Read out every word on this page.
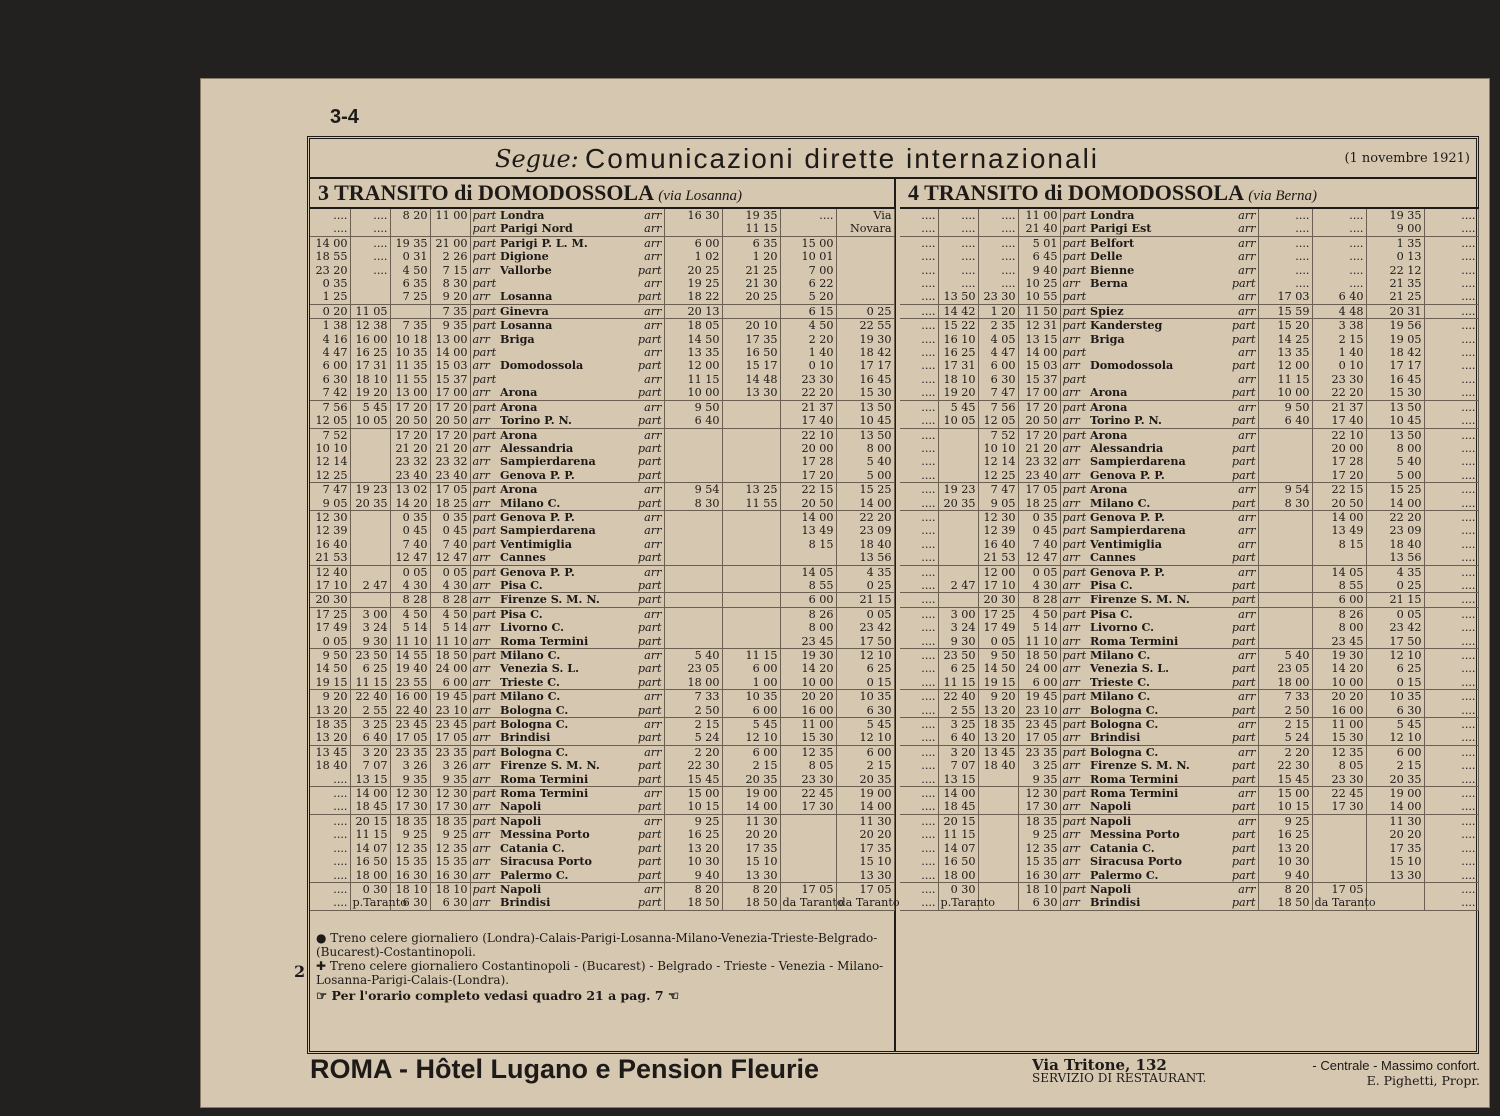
3-4
Segue: Comunicazioni dirette internazionali	(1 novembre 1921)
3 TRANSITO di DOMODOSSOLA (via Losanna)
....	....	8 20	11 00	part	Londra	arr	16 30	19 35	....	Via
....	....			part	Parigi Nord	arr		11 15		Novara
14 00	....	19 35	21 00	part	Parigi P. L. M.	arr	6 00	6 35	15 00	
18 55	....	0 31	2 26	part	Digione	arr	1 02	1 20	10 01	
23 20	....	4 50	7 15	arr	Vallorbe	part	20 25	21 25	7 00	
0 35		6 35	8 30	part		arr	19 25	21 30	6 22	
1 25		7 25	9 20	arr	Losanna	part	18 22	20 25	5 20	
0 20	11 05		7 35	part	Ginevra	arr	20 13		6 15	0 25
1 38	12 38	7 35	9 35	part	Losanna	arr	18 05	20 10	4 50	22 55
4 16	16 00	10 18	13 00	arr	Briga	part	14 50	17 35	2 20	19 30
4 47	16 25	10 35	14 00	part		arr	13 35	16 50	1 40	18 42
6 00	17 31	11 35	15 03	arr	Domodossola	part	12 00	15 17	0 10	17 17
6 30	18 10	11 55	15 37	part		arr	11 15	14 48	23 30	16 45
7 42	19 20	13 00	17 00	arr	Arona	part	10 00	13 30	22 20	15 30
7 56	5 45	17 20	17 20	part	Arona	arr	9 50		21 37	13 50
12 05	10 05	20 50	20 50	arr	Torino P. N.	part	6 40		17 40	10 45
7 52		17 20	17 20	part	Arona	arr			22 10	13 50
10 10		21 20	21 20	arr	Alessandria	part			20 00	8 00
12 14		23 32	23 32	arr	Sampierdarena	part			17 28	5 40
12 25		23 40	23 40	arr	Genova P. P.	part			17 20	5 00
7 47	19 23	13 02	17 05	part	Arona	arr	9 54	13 25	22 15	15 25
9 05	20 35	14 20	18 25	arr	Milano C.	part	8 30	11 55	20 50	14 00
12 30		0 35	0 35	part	Genova P. P.	arr			14 00	22 20
12 39		0 45	0 45	part	Sampierdarena	arr			13 49	23 09
16 40		7 40	7 40	part	Ventimiglia	arr			8 15	18 40
21 53		12 47	12 47	arr	Cannes	part				13 56
12 40		0 05	0 05	part	Genova P. P.	arr			14 05	4 35
17 10	2 47	4 30	4 30	arr	Pisa C.	part			8 55	0 25
20 30		8 28	8 28	arr	Firenze S. M. N.	part			6 00	21 15
17 25	3 00	4 50	4 50	part	Pisa C.	arr			8 26	0 05
17 49	3 24	5 14	5 14	arr	Livorno C.	part			8 00	23 42
0 05	9 30	11 10	11 10	arr	Roma Termini	part			23 45	17 50
9 50	23 50	14 55	18 50	part	Milano C.	arr	5 40	11 15	19 30	12 10
14 50	6 25	19 40	24 00	arr	Venezia S. L.	part	23 05	6 00	14 20	6 25
19 15	11 15	23 55	6 00	arr	Trieste C.	part	18 00	1 00	10 00	0 15
9 20	22 40	16 00	19 45	part	Milano C.	arr	7 33	10 35	20 20	10 35
13 20	2 55	22 40	23 10	arr	Bologna C.	part	2 50	6 00	16 00	6 30
18 35	3 25	23 45	23 45	part	Bologna C.	arr	2 15	5 45	11 00	5 45
13 20	6 40	17 05	17 05	arr	Brindisi	part	5 24	12 10	15 30	12 10
13 45	3 20	23 35	23 35	part	Bologna C.	arr	2 20	6 00	12 35	6 00
18 40	7 07	3 26	3 26	arr	Firenze S. M. N.	part	22 30	2 15	8 05	2 15
....	13 15	9 35	9 35	arr	Roma Termini	part	15 45	20 35	23 30	20 35
....	14 00	12 30	12 30	part	Roma Termini	arr	15 00	19 00	22 45	19 00
....	18 45	17 30	17 30	arr	Napoli	part	10 15	14 00	17 30	14 00
....	20 15	18 35	18 35	part	Napoli	arr	9 25	11 30		11 30
....	11 15	9 25	9 25	arr	Messina Porto	part	16 25	20 20		20 20
....	14 07	12 35	12 35	arr	Catania C.	part	13 20	17 35		17 35
....	16 50	15 35	15 35	arr	Siracusa Porto	part	10 30	15 10		15 10
....	18 00	16 30	16 30	arr	Palermo C.	part	9 40	13 30		13 30
....	0 30	18 10	18 10	part	Napoli	arr	8 20	8 20	17 05	17 05
....	p.Taranto	6 30	6 30	arr	Brindisi	part	18 50	18 50	da Taranto	da Taranto
● Treno celere giornaliero (Londra)-Calais-Parigi-Losanna-Milano-Venezia-Trieste-Belgrado-(Bucarest)-Costantinopoli.
✚ Treno celere giornaliero Costantinopoli - (Bucarest) - Belgrado - Trieste - Venezia - Milano-Losanna-Parigi-Calais-(Londra).
☞ Per l'orario completo vedasi quadro 21 a pag. 7 ☜
4 TRANSITO di DOMODOSSOLA (via Berna)
....	....	....	11 00	part	Londra	arr	....	....	19 35	....
....	....	....	21 40	part	Parigi Est	arr	....	....	9 00	....
....	....	....	5 01	part	Belfort	arr	....	....	1 35	....
....	....	....	6 45	part	Delle	arr	....	....	0 13	....
....	....	....	9 40	part	Bienne	arr	....	....	22 12	....
....	....	....	10 25	arr	Berna	part	....	....	21 35	....
....	13 50	23 30	10 55	part		arr	17 03	6 40	21 25	....
....	14 42	1 20	11 50	part	Spiez	arr	15 59	4 48	20 31	....
....	15 22	2 35	12 31	part	Kandersteg	part	15 20	3 38	19 56	....
....	16 10	4 05	13 15	arr	Briga	part	14 25	2 15	19 05	....
....	16 25	4 47	14 00	part		arr	13 35	1 40	18 42	....
....	17 31	6 00	15 03	arr	Domodossola	part	12 00	0 10	17 17	....
....	18 10	6 30	15 37	part		arr	11 15	23 30	16 45	....
....	19 20	7 47	17 00	arr	Arona	part	10 00	22 20	15 30	....
....	5 45	7 56	17 20	part	Arona	arr	9 50	21 37	13 50	....
....	10 05	12 05	20 50	arr	Torino P. N.	part	6 40	17 40	10 45	....
....		7 52	17 20	part	Arona	arr		22 10	13 50	....
....		10 10	21 20	arr	Alessandria	part		20 00	8 00	....
....		12 14	23 32	arr	Sampierdarena	part		17 28	5 40	....
....		12 25	23 40	arr	Genova P. P.	part		17 20	5 00	....
....	19 23	7 47	17 05	part	Arona	arr	9 54	22 15	15 25	....
....	20 35	9 05	18 25	arr	Milano C.	part	8 30	20 50	14 00	....
....		12 30	0 35	part	Genova P. P.	arr		14 00	22 20	....
....		12 39	0 45	part	Sampierdarena	arr		13 49	23 09	....
....		16 40	7 40	part	Ventimiglia	arr		8 15	18 40	....
....		21 53	12 47	arr	Cannes	part			13 56	....
....		12 00	0 05	part	Genova P. P.	arr		14 05	4 35	....
....	2 47	17 10	4 30	arr	Pisa C.	part		8 55	0 25	....
....		20 30	8 28	arr	Firenze S. M. N.	part		6 00	21 15	....
....	3 00	17 25	4 50	part	Pisa C.	arr		8 26	0 05	....
....	3 24	17 49	5 14	arr	Livorno C.	part		8 00	23 42	....
....	9 30	0 05	11 10	arr	Roma Termini	part		23 45	17 50	....
....	23 50	9 50	18 50	part	Milano C.	arr	5 40	19 30	12 10	....
....	6 25	14 50	24 00	arr	Venezia S. L.	part	23 05	14 20	6 25	....
....	11 15	19 15	6 00	arr	Trieste C.	part	18 00	10 00	0 15	....
....	22 40	9 20	19 45	part	Milano C.	arr	7 33	20 20	10 35	....
....	2 55	13 20	23 10	arr	Bologna C.	part	2 50	16 00	6 30	....
....	3 25	18 35	23 45	part	Bologna C.	arr	2 15	11 00	5 45	....
....	6 40	13 20	17 05	arr	Brindisi	part	5 24	15 30	12 10	....
....	3 20	13 45	23 35	part	Bologna C.	arr	2 20	12 35	6 00	....
....	7 07	18 40	3 25	arr	Firenze S. M. N.	part	22 30	8 05	2 15	....
....	13 15		9 35	arr	Roma Termini	part	15 45	23 30	20 35	....
....	14 00		12 30	part	Roma Termini	arr	15 00	22 45	19 00	....
....	18 45		17 30	arr	Napoli	part	10 15	17 30	14 00	....
....	20 15		18 35	part	Napoli	arr	9 25		11 30	....
....	11 15		9 25	arr	Messina Porto	part	16 25		20 20	....
....	14 07		12 35	arr	Catania C.	part	13 20		17 35	....
....	16 50		15 35	arr	Siracusa Porto	part	10 30		15 10	....
....	18 00		16 30	arr	Palermo C.	part	9 40		13 30	....
....	0 30		18 10	part	Napoli	arr	8 20	17 05		....
....	p.Taranto		6 30	arr	Brindisi	part	18 50	da Taranto		....
2
ROMA - Hôtel Lugano e Pension Fleurie	Via Tritone, 132
SERVIZIO DI RESTAURANT.
- Centrale - Massimo confort.
E. Pighetti, Propr.
